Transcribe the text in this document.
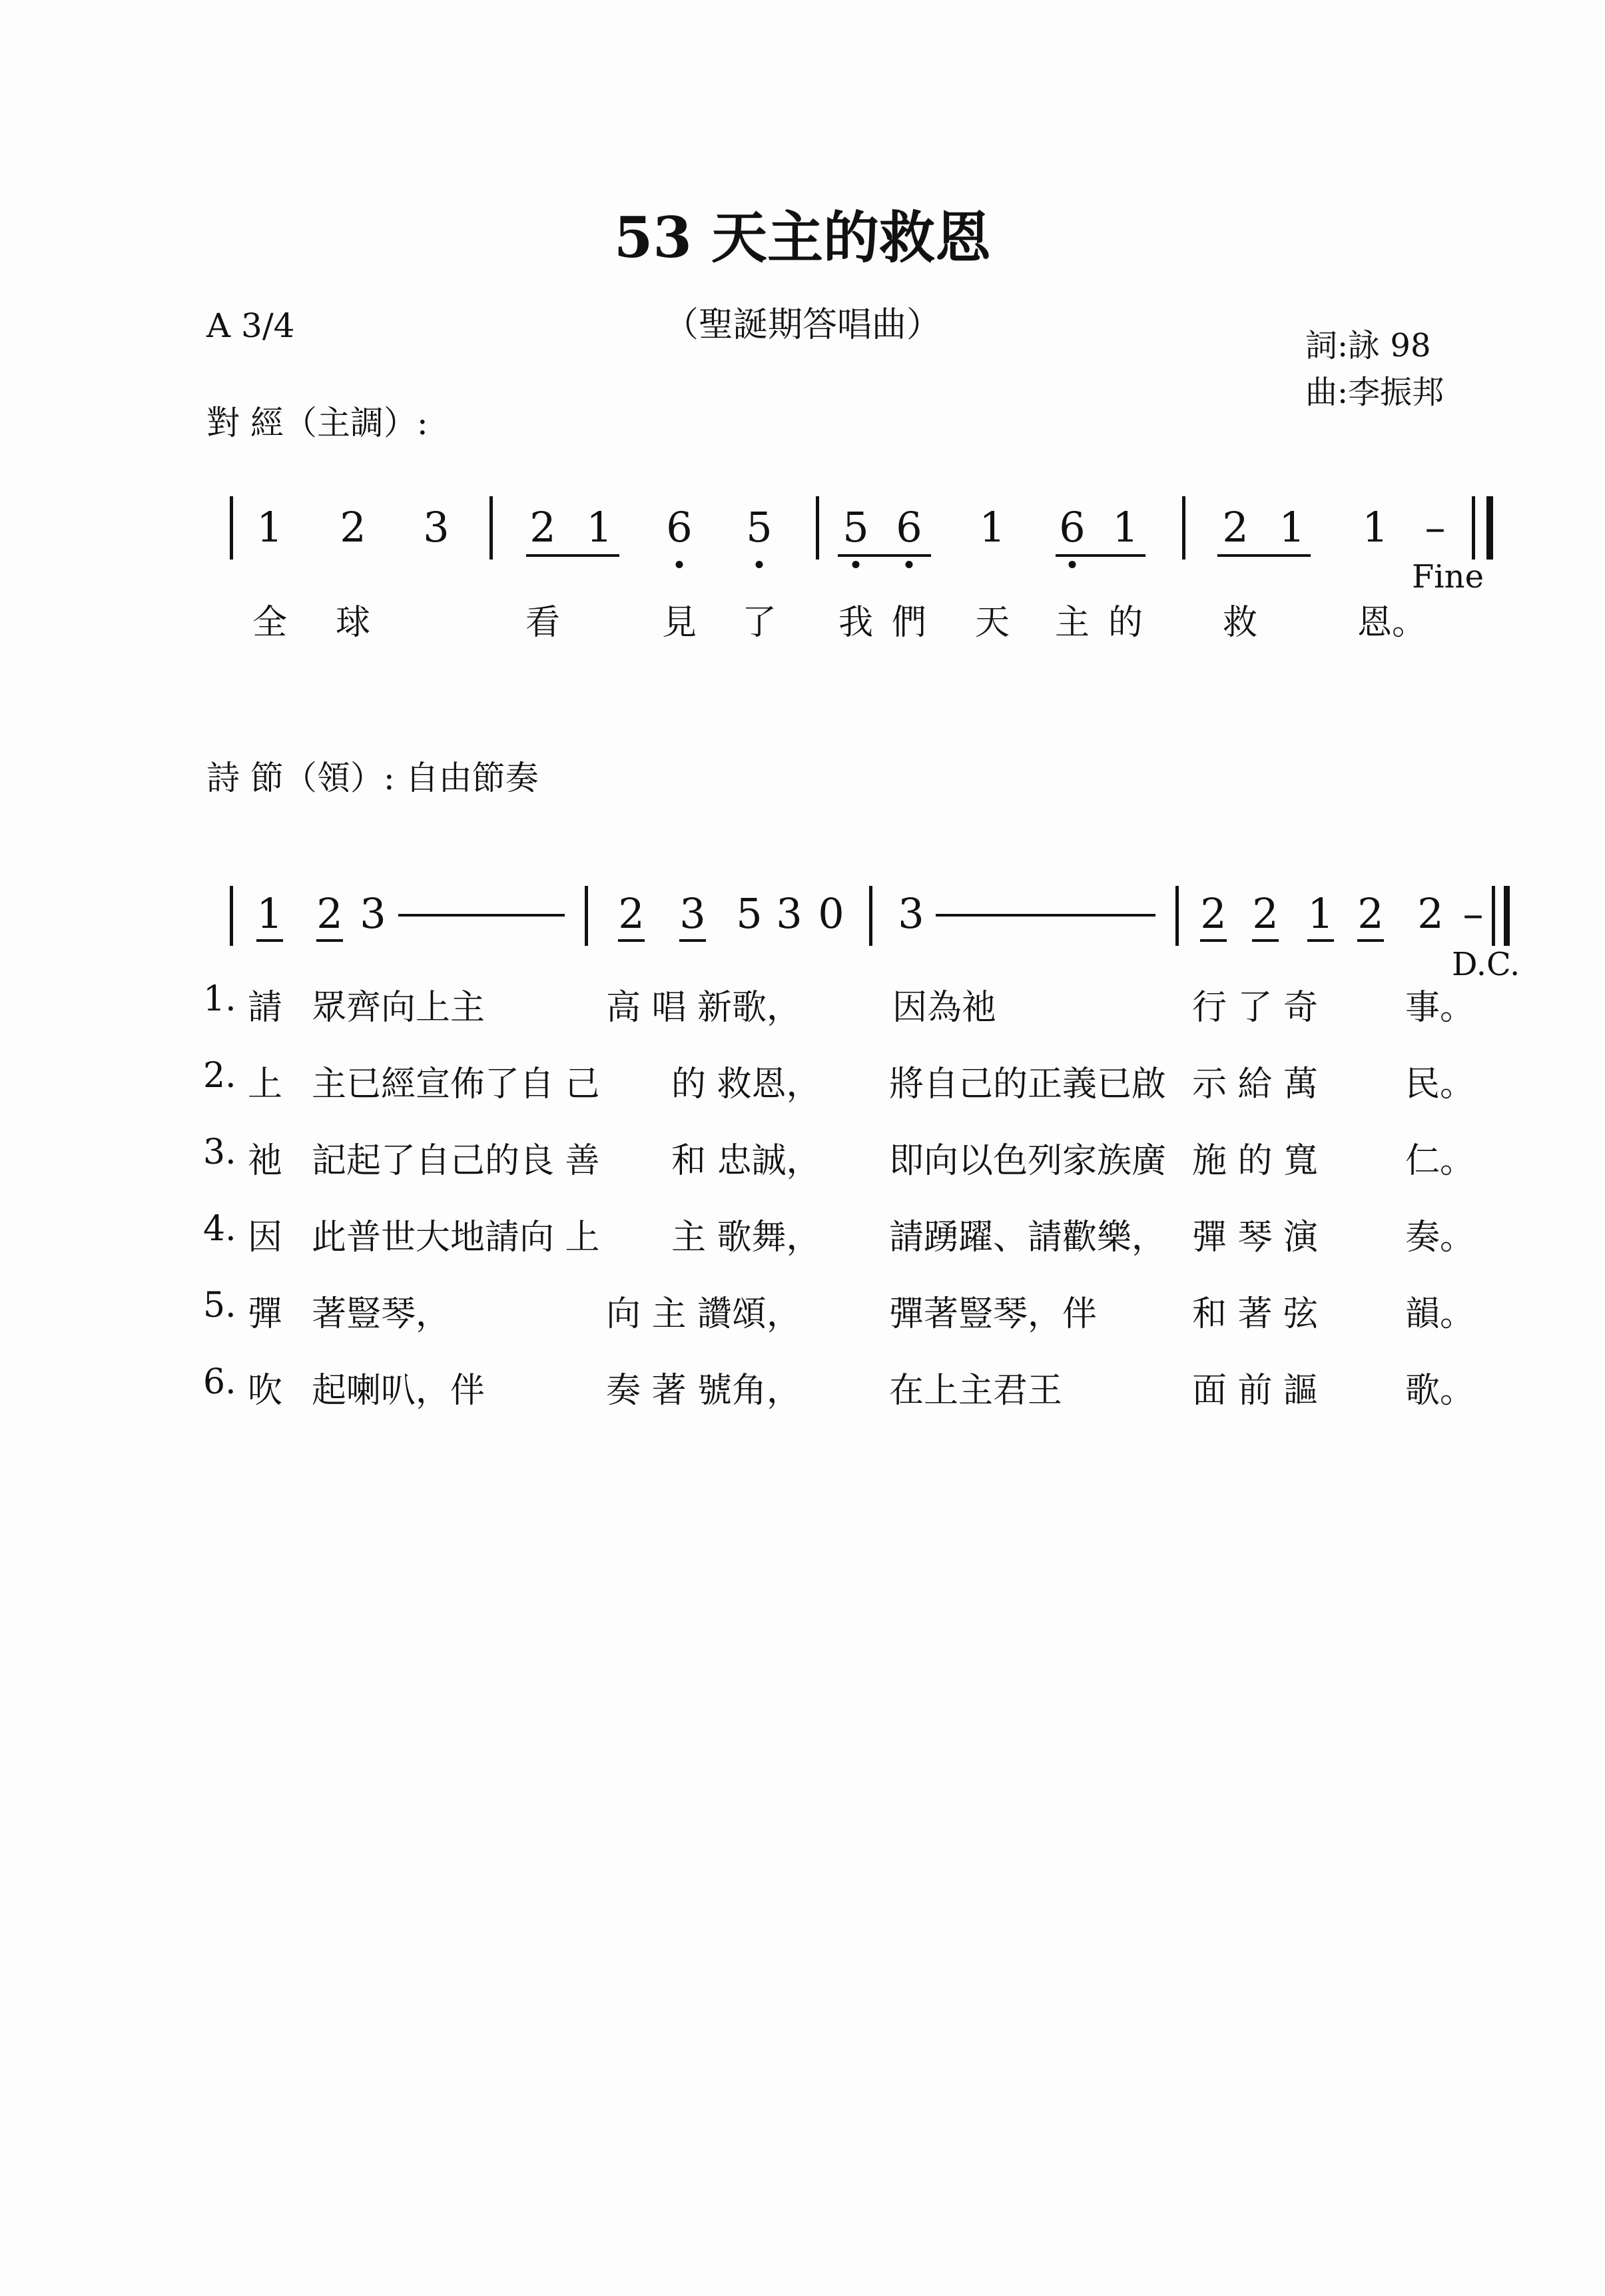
53 天主的救恩
（聖誕期答唱曲）
A 3/4
詞:詠 98
曲:李振邦
對 經（主調）:
1 2 3 2 1 6 5 5 6 1 6 1 2 1 1 –
Fine
全 球	看	見 了 我 們 天 主 的 救	恩。
詩 節（領）: 自由節奏
1 2 3	2 3 5 3 0 3	2 2 1 2 2 –
D.C.
1. 請 眾齊向上主	高 唱 新歌，	因為祂	行 了 奇	事。
2. 上 主已經宣佈了自 己 的 救恩， 將自己的正義已啟 示 給 萬	民。
3. 祂 記起了自己的良 善 和 忠誠， 即向以色列家族廣 施 的 寬	仁。
4. 因 此普世大地請向 上 主 歌舞， 請踴躍、請歡樂， 彈 琴 演	奏。
5. 彈 著豎琴，	向 主 讚頌，	彈著豎琴，伴	和 著 弦	韻。
6. 吹 起喇叭，伴	奏 著 號角，	在上主君王	面 前 謳	歌。
